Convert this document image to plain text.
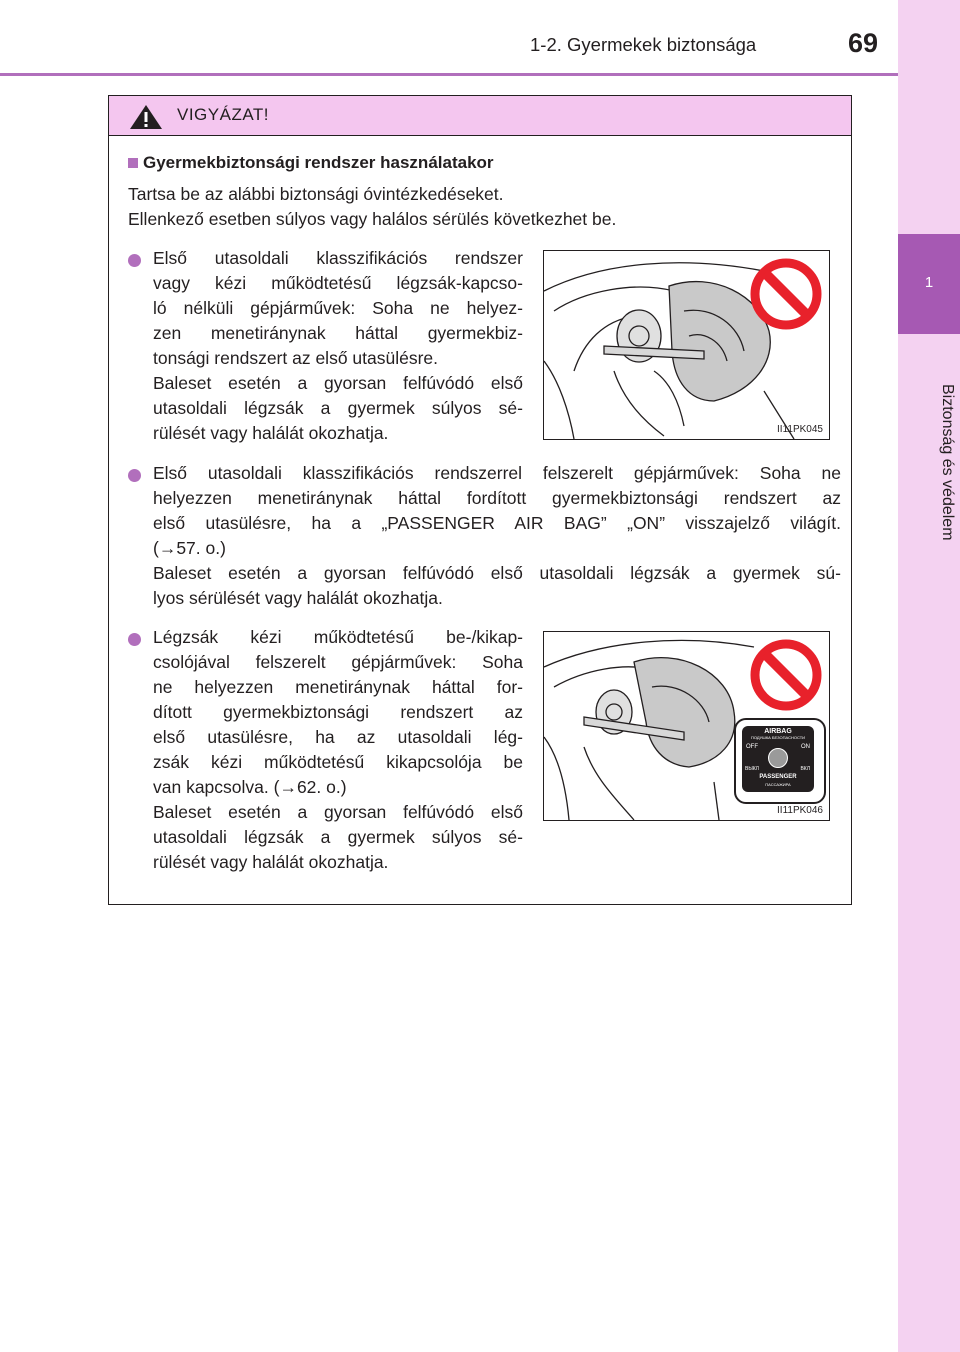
1-2. Gyermekek biztonsága	69
1
Biztonság és védelem
VIGYÁZAT!
Gyermekbiztonsági rendszer használatakor

Tartsa be az alábbi biztonsági óvintézkedéseket.
Ellenkező esetben súlyos vagy halálos sérülés következhet be.

Első utasoldali klasszifikációs rendszer
vagy kézi működtetésű légzsák-kapcso-
ló nélküli gépjárművek: Soha ne helyez-
zen menetiránynak háttal gyermekbiz-
tonsági rendszert az első utasülésre.
Baleset esetén a gyorsan felfúvódó első
utasoldali légzsák a gyermek súlyos sé-
rülését vagy halálát okozhatja.	II11PK045

Első utasoldali klasszifikációs rendszerrel felszerelt gépjárművek: Soha ne
helyezzen menetiránynak háttal fordított gyermekbiztonsági rendszert az
első utasülésre, ha a „PASSENGER AIR BAG” „ON” visszajelző világít.
(→57. o.)
Baleset esetén a gyorsan felfúvódó első utasoldali légzsák a gyermek sú-
lyos sérülését vagy halálát okozhatja.

Légzsák kézi működtetésű be-/kikap-
csolójával felszerelt gépjárművek: Soha
ne helyezzen menetiránynak háttal for-
dított gyermekbiztonsági rendszert az
első utasülésre, ha az utasoldali lég-
zsák kézi működtetésű kikapcsolója be
van kapcsolva. (→62. o.)
Baleset esetén a gyorsan felfúvódó első
utasoldali légzsák a gyermek súlyos sé-
rülését vagy halálát okozhatja.

AIRBAG
ПОДУШКА БЕЗОПАСНОСТИ
OFF	ON
ВЫКЛ	ВКЛ
PASSENGER
ПАССАЖИРА
II11PK046
